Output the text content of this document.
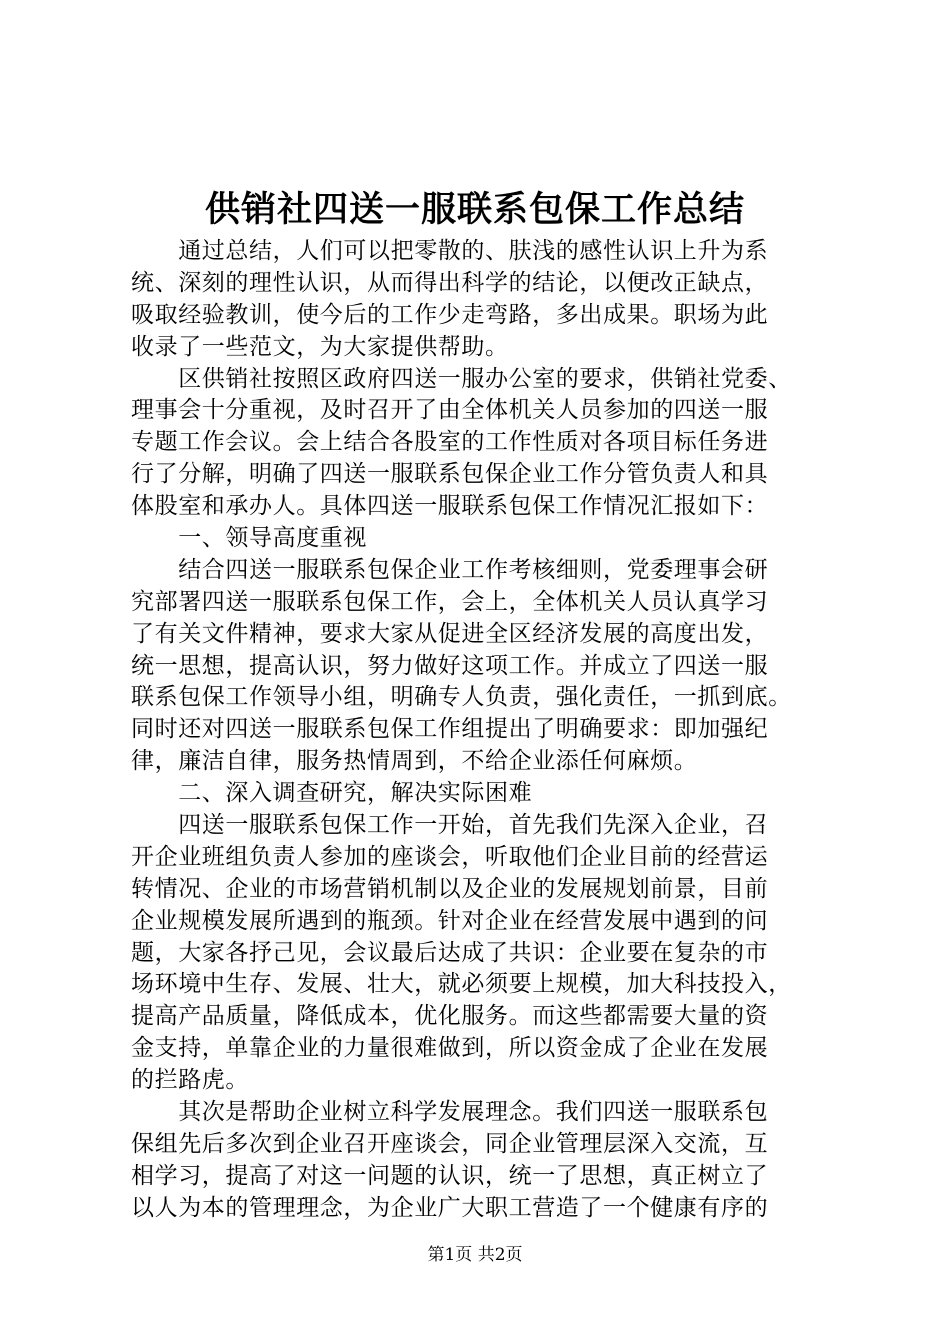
供销社四送一服联系包保工作总结
　　通过总结，人们可以把零散的、肤浅的感性认识上升为系
统、深刻的理性认识，从而得出科学的结论，以便改正缺点，
吸取经验教训，使今后的工作少走弯路，多出成果。职场为此
收录了一些范文，为大家提供帮助。
　　区供销社按照区政府四送一服办公室的要求，供销社党委、
理事会十分重视，及时召开了由全体机关人员参加的四送一服
专题工作会议。会上结合各股室的工作性质对各项目标任务进
行了分解，明确了四送一服联系包保企业工作分管负责人和具
体股室和承办人。具体四送一服联系包保工作情况汇报如下：
　　一、领导高度重视
　　结合四送一服联系包保企业工作考核细则，党委理事会研
究部署四送一服联系包保工作，会上，全体机关人员认真学习
了有关文件精神，要求大家从促进全区经济发展的高度出发，
统一思想，提高认识，努力做好这项工作。并成立了四送一服
联系包保工作领导小组，明确专人负责，强化责任，一抓到底。
同时还对四送一服联系包保工作组提出了明确要求：即加强纪
律，廉洁自律，服务热情周到，不给企业添任何麻烦。
　　二、深入调查研究，解决实际困难
　　四送一服联系包保工作一开始，首先我们先深入企业，召
开企业班组负责人参加的座谈会，听取他们企业目前的经营运
转情况、企业的市场营销机制以及企业的发展规划前景，目前
企业规模发展所遇到的瓶颈。针对企业在经营发展中遇到的问
题，大家各抒己见，会议最后达成了共识：企业要在复杂的市
场环境中生存、发展、壮大，就必须要上规模，加大科技投入，
提高产品质量，降低成本，优化服务。而这些都需要大量的资
金支持，单靠企业的力量很难做到，所以资金成了企业在发展
的拦路虎。
　　其次是帮助企业树立科学发展理念。我们四送一服联系包
保组先后多次到企业召开座谈会，同企业管理层深入交流，互
相学习，提高了对这一问题的认识，统一了思想，真正树立了
以人为本的管理理念，为企业广大职工营造了一个健康有序的
第1页 共2页
